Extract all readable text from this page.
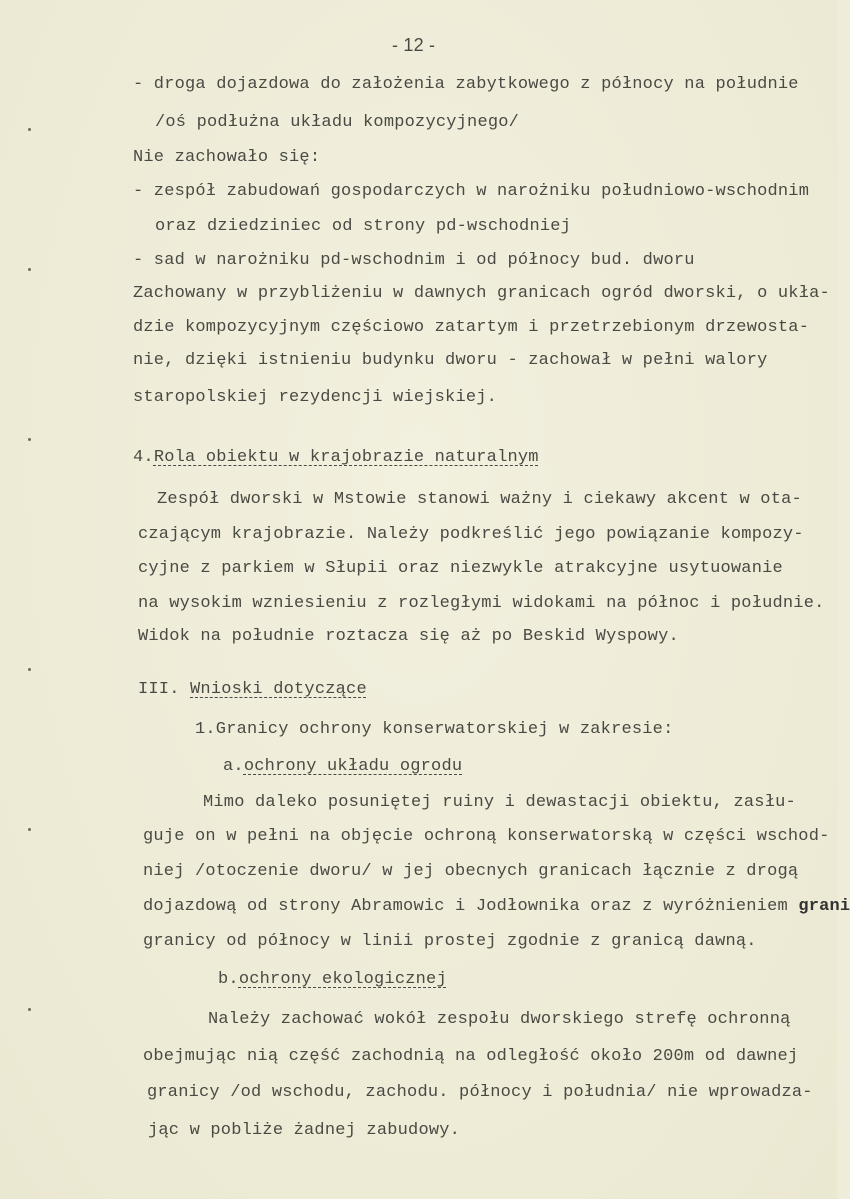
- 12 -
- droga dojazdowa do założenia zabytkowego z północy na południe
/oś podłużna układu kompozycyjnego/
Nie zachowało się:
- zespół zabudowań gospodarczych w narożniku południowo-wschodnim
oraz dziedziniec od strony pd-wschodniej
- sad w narożniku pd-wschodnim i od północy bud. dworu
Zachowany w przybliżeniu w dawnych granicach ogród dworski, o ukła-
dzie kompozycyjnym częściowo zatartym i przetrzebionym drzewosta-
nie, dzięki istnieniu budynku dworu - zachował w pełni walory
staropolskiej rezydencji wiejskiej.
4.Rola obiektu w krajobrazie naturalnym
Zespół dworski w Mstowie stanowi ważny i ciekawy akcent w ota-
czającym krajobrazie. Należy podkreślić jego powiązanie kompozy-
cyjne z parkiem w Słupii oraz niezwykle atrakcyjne usytuowanie
na wysokim wzniesieniu z rozległymi widokami na północ i południe.
Widok na południe roztacza się aż po Beskid Wyspowy.
III. Wnioski dotyczące
1.Granicy ochrony konserwatorskiej w zakresie:
a.ochrony układu ogrodu
Mimo daleko posuniętej ruiny i dewastacji obiektu, zasłu-
guje on w pełni na objęcie ochroną konserwatorską w części wschod-
niej /otoczenie dworu/ w jej obecnych granicach łącznie z drogą
dojazdową od strony Abramowic i Jodłownika oraz z wyróżnieniem grani
granicy od północy w linii prostej zgodnie z granicą dawną.
b.ochrony ekologicznej
Należy zachować wokół zespołu dworskiego strefę ochronną
obejmując nią część zachodnią na odległość około 200m od dawnej
granicy /od wschodu, zachodu. północy i południa/ nie wprowadza-
jąc w pobliże żadnej zabudowy.
